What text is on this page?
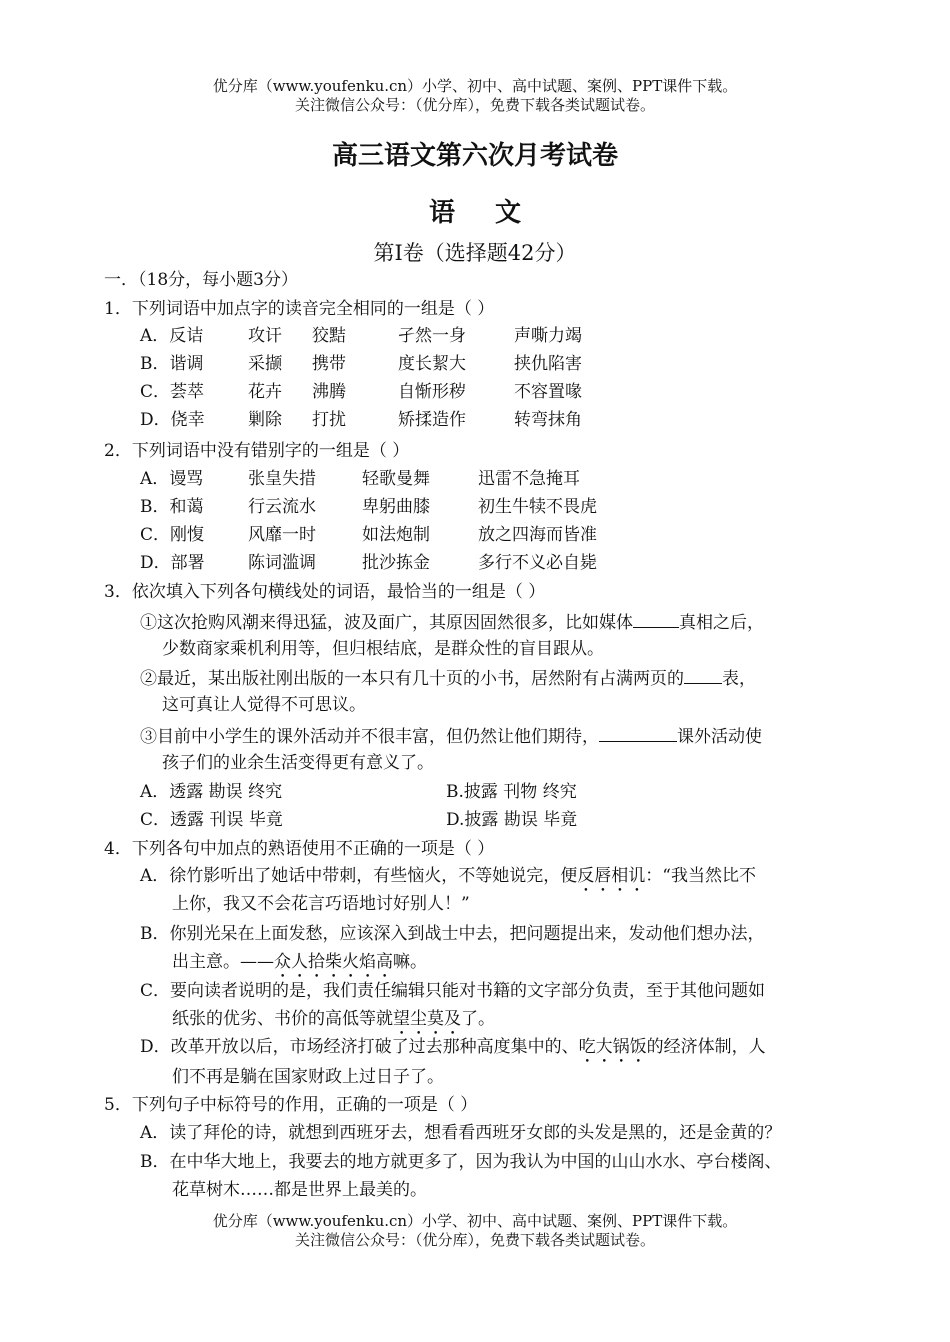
优分库（www.youfenku.cn）小学、初中、高中试题、案例、PPT课件下载。
关注微信公众号：（优分库），免费下载各类试题试卷。
高三语文第六次月考试卷
语 文
第Ⅰ卷（选择题42分）
一．（18分，每小题3分）
1．下列词语中加点字的读音完全相同的一组是（ ）
A．反诘	攻讦 狡黠	孑然一身	声嘶力竭
B．谐调	采撷 携带	度长絜大	挟仇陷害
C．荟萃	花卉 沸腾	自惭形秽	不容置喙
D．侥幸	剿除 打扰	矫揉造作	转弯抹角
2．下列词语中没有错别字的一组是（ ）
A．谩骂	张皇失措	轻歌曼舞	迅雷不急掩耳
B．和蔼	行云流水	卑躬曲膝	初生牛犊不畏虎
C．刚愎	风靡一时	如法炮制	放之四海而皆准
D．部署	陈词滥调	批沙拣金	多行不义必自毙
3．依次填入下列各句横线处的词语，最恰当的一组是（ ）
①这次抢购风潮来得迅猛，波及面广，其原因固然很多，比如媒体	真相之后，
少数商家乘机利用等，但归根结底，是群众性的盲目跟从。
②最近，某出版社刚出版的一本只有几十页的小书，居然附有占满两页的 表，
这可真让人觉得不可思议。
③目前中小学生的课外活动并不很丰富，但仍然让他们期待，	课外活动使
孩子们的业余生活变得更有意义了。
A．透露 勘误 终究	B.披露 刊物 终究
C．透露 刊误 毕竟	D.披露 勘误 毕竟
4．下列各句中加点的熟语使用不正确的一项是（ ）
A．徐竹影听出了她话中带刺，有些恼火，不等她说完，便反唇相讥：“我当然比不
上你，我又不会花言巧语地讨好别人！”
B．你别光呆在上面发愁，应该深入到战士中去，把问题提出来，发动他们想办法，
出主意。——众人拾柴火焰高嘛。
C．要向读者说明的是，我们责任编辑只能对书籍的文字部分负责，至于其他问题如
纸张的优劣、书价的高低等就望尘莫及了。
D．改革开放以后，市场经济打破了过去那种高度集中的、吃大锅饭的经济体制，人
们不再是躺在国家财政上过日子了。
5．下列句子中标符号的作用，正确的一项是（ ）
A．读了拜伦的诗，就想到西班牙去，想看看西班牙女郎的头发是黑的，还是金黄的？
B．在中华大地上，我要去的地方就更多了，因为我认为中国的山山水水、亭台楼阁、
花草树木……都是世界上最美的。
优分库（www.youfenku.cn）小学、初中、高中试题、案例、PPT课件下载。
关注微信公众号：（优分库），免费下载各类试题试卷。
